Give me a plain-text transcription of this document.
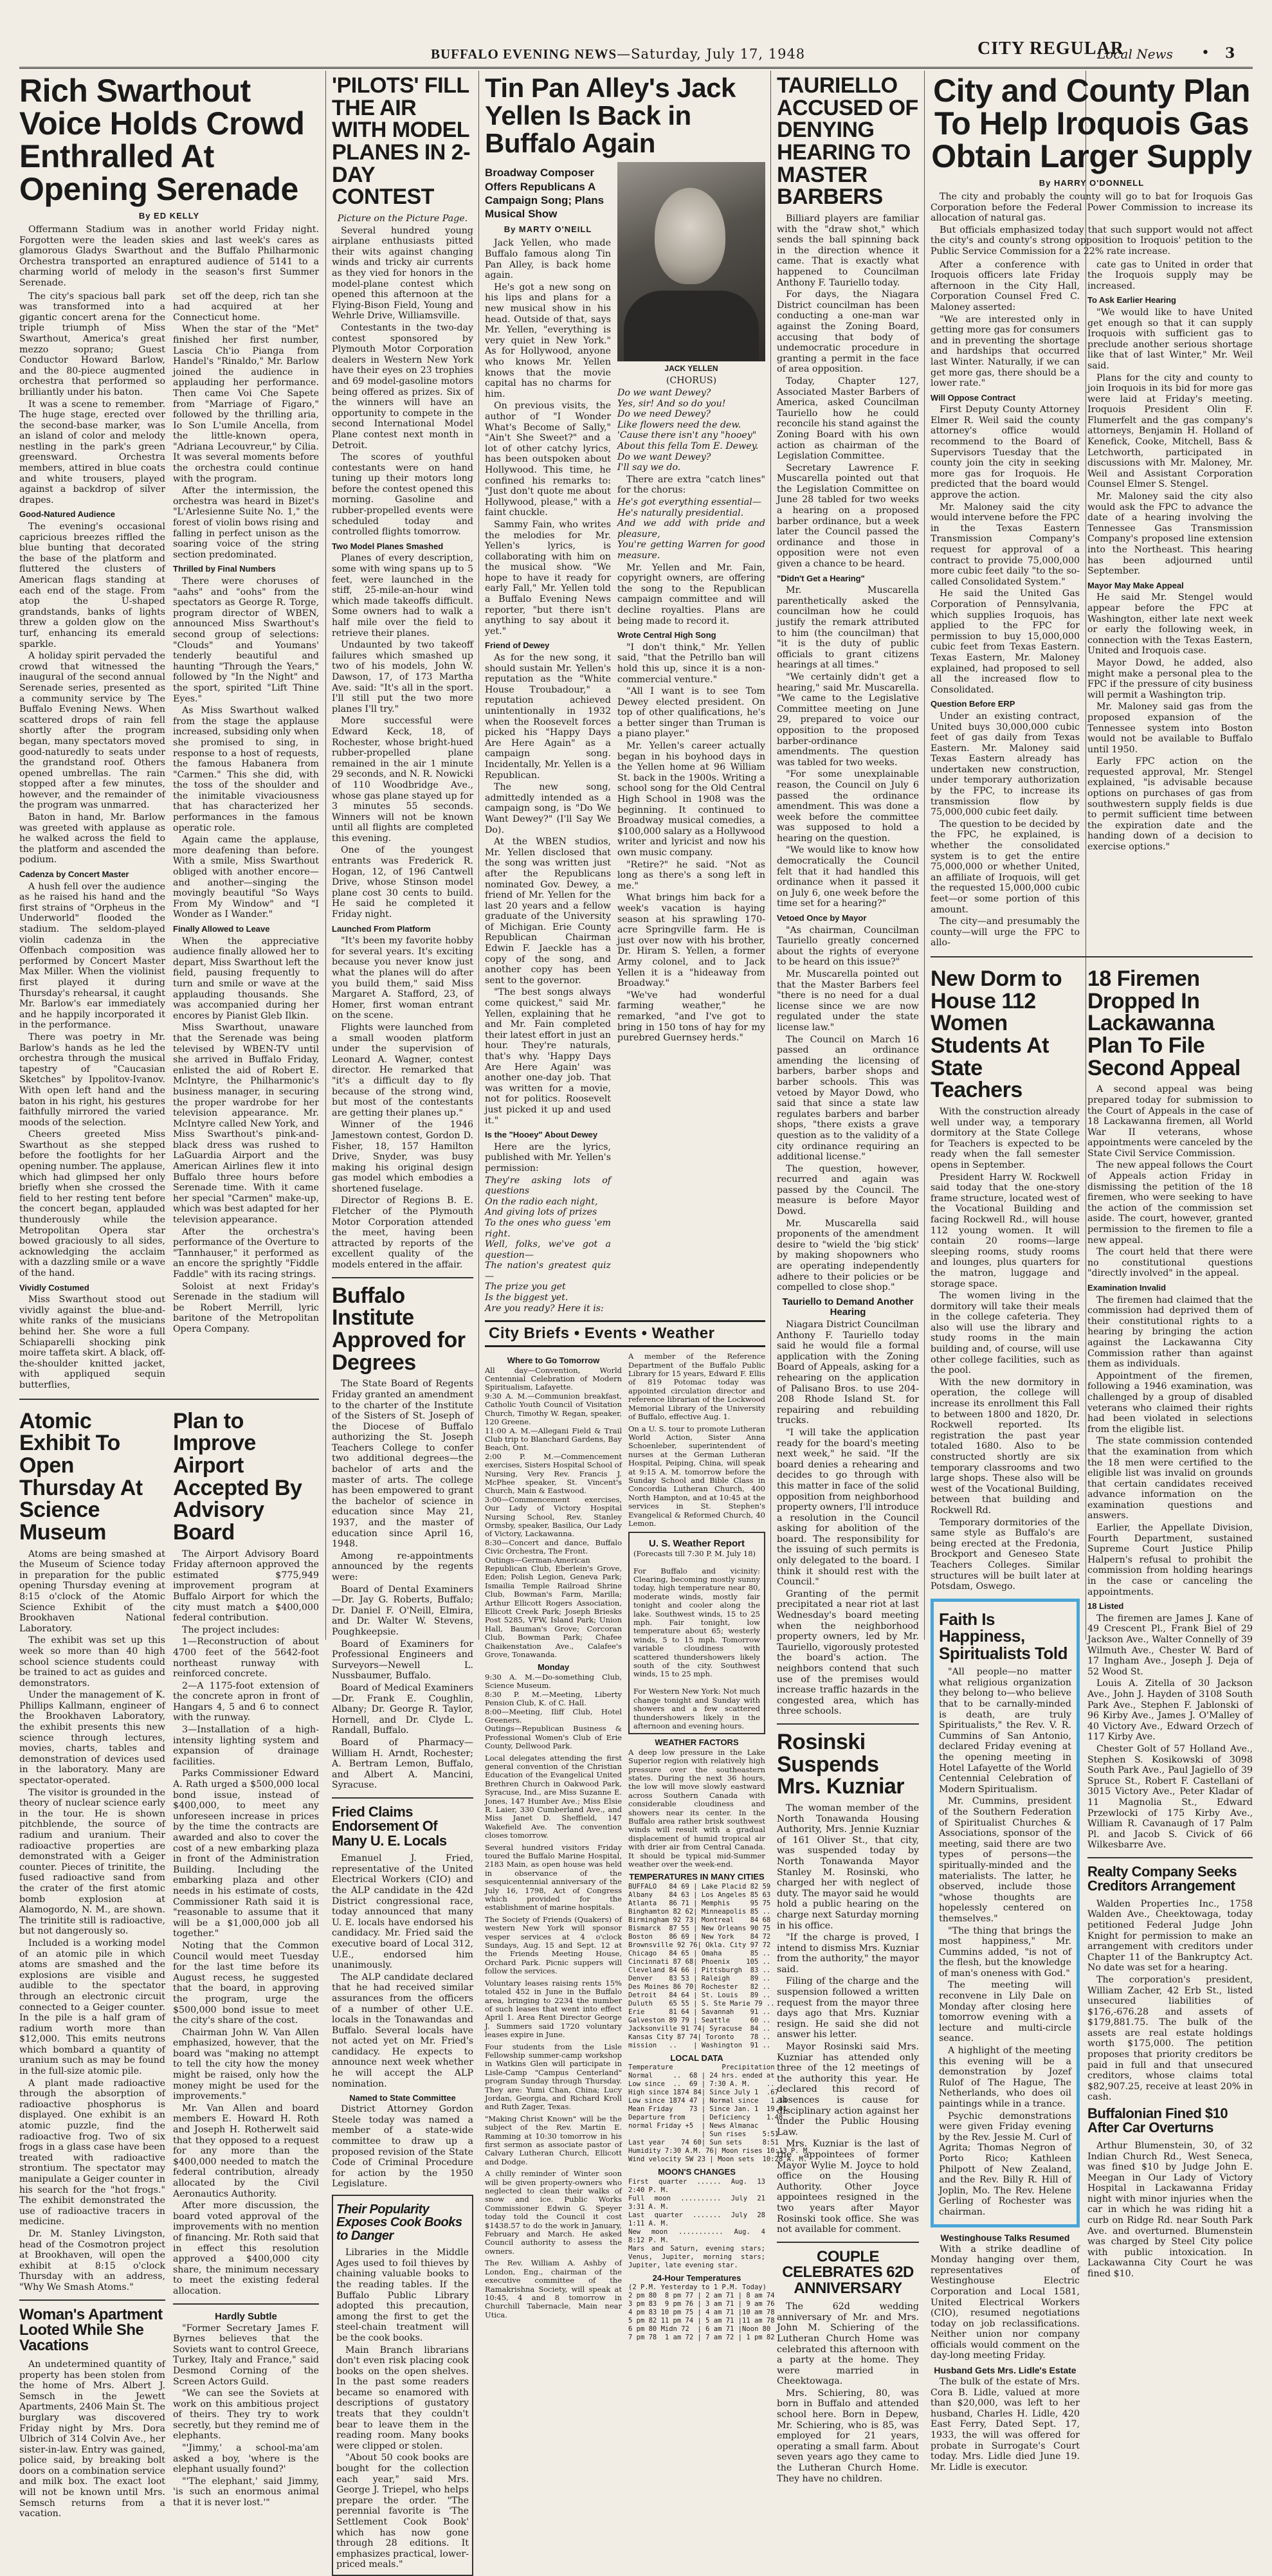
BUFFALO EVENING NEWS—Saturday, July 17, 1948	CITY REGULAR
Local News • 3
Rich Swarthout Voice Holds Crowd Enthralled At Opening Serenade
By ED KELLY

Offermann Stadium was in another world Friday night. Forgotten were the leaden skies and last week's cares as glamorous Gladys Swarthout and the Buffalo Philharmonic Orchestra transported an enraptured audience of 5141 to a charming world of melody in the season's first Summer Serenade.

The city's spacious ball park was transformed into a gigantic concert arena for the triple triumph of Miss Swarthout, America's great mezzo soprano; Guest Conductor Howard Barlow, and the 80-piece augmented orchestra that performed so brilliantly under his baton.

It was a scene to remember. The huge stage, erected over the second-base marker, was an island of color and melody nestling in the park's green greensward. Orchestra members, attired in blue coats and white trousers, played against a backdrop of silver drapes.

Good-Natured Audience

The evening's occasional capricious breezes riffled the blue bunting that decorated the base of the platform and fluttered the clusters of American flags standing at each end of the stage. From atop the U-shaped grandstands, banks of lights threw a golden glow on the turf, enhancing its emerald sparkle.

A holiday spirit pervaded the crowd that witnessed the inaugural of the second annual Serenade series, presented as a community service by The Buffalo Evening News. When scattered drops of rain fell shortly after the program began, many spectators moved good-naturedly to seats under the grandstand roof. Others opened umbrellas. The rain stopped after a few minutes, however, and the remainder of the program was unmarred.

Baton in hand, Mr. Barlow was greeted with applause as he walked across the field to the platform and ascended the podium.

Cadenza by Concert Master

A hush fell over the audience as he raised his hand and the first strains of "Orpheus in the Underworld" flooded the stadium. The seldom-played violin cadenza in the Offenbach composition was performed by Concert Master Max Miller. When the violinist first played it during Thursday's rehearsal, it caught Mr. Barlow's ear immediately and he happily incorporated it in the performance.

There was poetry in Mr. Barlow's hands as he led the orchestra through the musical tapestry of "Caucasian Sketches" by Ippolitov-Ivanov. With open left hand and the baton in his right, his gestures faithfully mirrored the varied moods of the selection.

Cheers greeted Miss Swarthout as she stepped before the footlights for her opening number. The applause, which had glimpsed her only briefly when she crossed the field to her resting tent before the concert began, applauded thunderously while the Metropolitan Opera star bowed graciously to all sides, acknowledging the acclaim with a dazzling smile or a wave of the hand.

Vividly Costumed

Miss Swarthout stood out vividly against the blue-and-white ranks of the musicians behind her. She wore a full Schiaparelli shocking pink moire taffeta skirt. A black, off-the-shoulder knitted jacket, with appliqued sequin butterflies,

set off the deep, rich tan she had acquired at her Connecticut home.

When the star of the "Met" finished her first number, Lascia Ch'io Pianga from Handel's "Rinaldo," Mr. Barlow joined the audience in applauding her performance. Then came Voi Che Sapete from "Marriage of Figaro," followed by the thrilling aria, Io Son L'umile Ancella, from the little-known opera, "Adriana Lecouvreur," by Cilia. It was several moments before the orchestra could continue with the program.

After the intermission, the orchestra was heard in Bizet's "L'Arlesienne Suite No. 1," the forest of violin bows rising and falling in perfect unison as the soaring voice of the string section predominated.

Thrilled by Final Numbers

There were choruses of "aahs" and "oohs" from the spectators as George R. Torge, program director of WBEN, announced Miss Swarthout's second group of selections: "Clouds" and Youmans' tenderly beautiful and haunting "Through the Years," followed by "In the Night" and the sport, spirited "Lift Thine Eyes."

As Miss Swarthout walked from the stage the applause increased, subsiding only when she promised to sing, in response to a host of requests, the famous Habanera from "Carmen." This she did, with the toss of the shoulder and the inimitable vivaciousness that has characterized her performances in the famous operatic role.

Again came the applause, more deafening than before. With a smile, Miss Swarthout obliged with another encore—and another—singing the movingly beautiful "So Ways From My Window" and "I Wonder as I Wander."

Finally Allowed to Leave

When the appreciative audience finally allowed her to depart, Miss Swarthout left the field, pausing frequently to turn and smile or wave at the applauding thousands. She was accompanied during her encores by Pianist Gleb Ilkin.

Miss Swarthout, unaware that the Serenade was being televised by WBEN-TV until she arrived in Buffalo Friday, enlisted the aid of Robert E. McIntyre, the Philharmonic's business manager, in securing the proper wardrobe for her television appearance. Mr. McIntyre called New York, and Miss Swarthout's pink-and-black dress was rushed to LaGuardia Airport and the American Airlines flew it into Buffalo three hours before Serenade time. With it came her special "Carmen" make-up, which was best adapted for her television appearance.

After the orchestra's performance of the Overture to "Tannhauser," it performed as an encore the sprightly "Fiddle Faddle" with its racing strings.

Soloist at next Friday's Serenade in the stadium will be Robert Merrill, lyric baritone of the Metropolitan Opera Company.

Atomic Exhibit To Open Thursday At Science Museum

Atoms are being smashed at the Museum of Science today in preparation for the public opening Thursday evening at 8:15 o'clock of the Atomic Science Exhibit of the Brookhaven National Laboratory.

The exhibit was set up this week so more than 40 high school science students could be trained to act as guides and demonstrators.

Under the management of K. Phillips Kallmann, engineer of the Brookhaven Laboratory, the exhibit presents this new science through lectures, movies, charts, tables and demonstration of devices used in the laboratory. Many are spectator-operated.

The visitor is grounded in the theory of nuclear science early in the tour. He is shown pitchblende, the source of radium and uranium. Their radioactive properties are demonstrated with a Geiger counter. Pieces of trinitite, the fused radioactive sand from the crater of the first atomic bomb explosion at Alamogordo, N. M., are shown. The trinitite still is radioactive, but not dangerously so.

Included is a working model of an atomic pile in which atoms are smashed and the explosions are visible and audible to the spectator through an electronic circuit connected to a Geiger counter. In the pile is a half gram of radium worth more than $12,000. This emits neutrons which bombard a quantity of uranium such as may be found in the full-size atomic pile.

A plant made radioactive through the absorption of radioactive phosphorus is displayed. One exhibit is an atomic puzzle, find the radioactive frog. Two of six frogs in a glass case have been treated with radioactive strontium. The spectator may manipulate a Geiger counter in his search for the "hot frogs." The exhibit demonstrated the use of radioactive tracers in medicine.

Dr. M. Stanley Livingston, head of the Cosmotron project at Brookhaven, will open the exhibit at 8:15 o'clock Thursday with an address, "Why We Smash Atoms."

Woman's Apartment Looted While She Vacations

An undetermined quantity of property has been stolen from the home of Mrs. Albert J. Semsch in the Jewett Apartments, 2406 Main St. The burglary was discovered Friday night by Mrs. Dora Ulbrich of 314 Colvin Ave., her sister-in-law. Entry was gained, police said, by breaking bolt doors on a combination service and milk box. The exact loot will not be known until Mrs. Semsch returns from a vacation.

Plan to Improve Airport Accepted By Advisory Board

The Airport Advisory Board Friday afternoon approved the estimated $775,949 improvement program at Buffalo Airport for which the city must match a $400,000 federal contribution.

The project includes:

1—Reconstruction of about 4700 feet of the 5642-foot northeast runway with reinforced concrete.

2—A 1175-foot extension of the concrete apron in front of Hangars 4, 5 and 6 to connect with the runway.

3—Installation of a high-intensity lighting system and expansion of drainage facilities.

Parks Commissioner Edward A. Rath urged a $500,000 local bond issue, instead of $400,000, to meet any unforeseen increase in prices by the time the contracts are awarded and also to cover the cost of a new embarking plaza in front of the Administration Building. Including the embarking plaza and other needs in his estimate of costs, Commissioner Rath said it is "reasonable to assume that it will be a $1,000,000 job all together."

Noting that the Common Council would meet Tuesday for the last time before its August recess, he suggested that the board, in approving the program, urge the $500,000 bond issue to meet the city's share of the cost.

Chairman John W. Van Allen emphasized, however, that the board was "making no attempt to tell the city how the money might be raised, only how the money might be used for the improvements."

Mr. Van Allen and board members E. Howard H. Roth and Joseph H. Rotherwelt said that they opposed to a request for any more than the $400,000 needed to match the federal contribution, already allocated by the Civil Aeronautics Authority.

After more discussion, the board voted approval of the improvements with no mention of financing. Mr. Roth said that in effect this resolution approved a $400,000 city share, the minimum necessary to meet the existing federal allocation.

Hardly Subtle

"Former Secretary James F. Byrnes believes that the Soviets want to control Greece, Turkey, Italy and France," said Desmond Corning of the Screen Actors Guild.

"We can see the Soviets at work on this ambitious project of theirs. They try to work secretly, but they remind me of elephants.

"'Jimmy,' a school-ma'am asked a boy, 'where is the elephant usually found?'

"'The elephant,' said Jimmy, 'is such an enormous animal that it is never lost.'"

'PILOTS' FILL THE AIR WITH MODEL PLANES IN 2-DAY CONTEST

Picture on the Picture Page.

Several hundred young airplane enthusiasts pitted their wits against changing winds and tricky air currents as they vied for honors in the model-plane contest which opened this afternoon at the Flying-Bison Field, Young and Wehrle Drive, Williamsville.

Contestants in the two-day contest sponsored by Plymouth Motor Corporation dealers in Western New York have their eyes on 23 trophies and 69 model-gasoline motors being offered as prizes. Six of the winners will have an opportunity to compete in the second International Model Plane contest next month in Detroit.

The scores of youthful contestants were on hand tuning up their motors long before the contest opened this morning. Gasoline and rubber-propelled events were scheduled today and controlled flights tomorrow.

Two Model Planes Smashed

Planes of every description, some with wing spans up to 5 feet, were launched in the stiff, 25-mile-an-hour wind which made takeoffs difficult. Some owners had to walk a half mile over the field to retrieve their planes.

Undaunted by two takeoff failures which smashed up two of his models, John W. Dawson, 17, of 173 Martha Ave. said: "It's all in the sport. I'll still put the two more planes I'll try."

More successful were Edward Keck, 18, of Rochester, whose bright-hued rubber-propelled plane remained in the air 1 minute 29 seconds, and N. R. Nowicki of 110 Woodbridge Ave., whose gas plane stayed up for 3 minutes 55 seconds. Winners will not be known until all flights are completed this evening.

One of the youngest entrants was Frederick R. Hogan, 12, of 196 Cantwell Drive, whose Stinson model plane cost 30 cents to build. He said he completed it Friday night.

Launched From Platform

"It's been my favorite hobby for several years. It's exciting because you never know just what the planes will do after you build them," said Miss Margaret A. Stafford, 23, of Homer, first woman entrant on the scene.

Flights were launched from a small wooden platform under the supervision of Leonard A. Wagner, contest director. He remarked that "it's a difficult day to fly because of the strong wind, but most of the contestants are getting their planes up."

Winner of the 1946 Jamestown contest, Gordon D. Fisher, 18, 157 Hamilton Drive, Snyder, was busy making his original design gas model which embodies a shortened fuselage.

Director of Regions B. E. Fletcher of the Plymouth Motor Corporation attended the meet, having been attracted by reports of the excellent quality of the models entered in the affair.

Buffalo Institute Approved for Degrees

The State Board of Regents Friday granted an amendment to the charter of the Institute of the Sisters of St. Joseph of the Diocese of Buffalo authorizing the St. Joseph Teachers College to confer two additional degrees—the bachelor of arts and the master of arts. The college has been empowered to grant the bachelor of science in education since May 21, 1937, and the master of education since April 16, 1948.

Among re-appointments announced by the regents were:

Board of Dental Examiners—Dr. Jay G. Roberts, Buffalo; Dr. Daniel F. O'Neill, Elmira, and Dr. Walter W. Stevens, Poughkeepsie.

Board of Examiners for Professional Engineers and Surveyors—Newell L. Nussbaumer, Buffalo.

Board of Medical Examiners—Dr. Frank E. Coughlin, Albany; Dr. George R. Taylor, Hornell, and Dr. Clyde L. Randall, Buffalo.

Board of Pharmacy—William H. Arndt, Rochester; A. Bertram Lemon, Buffalo, and Albert A. Mancini, Syracuse.

Fried Claims Endorsement Of Many U. E. Locals

Emanuel J. Fried, representative of the United Electrical Workers (CIO) and the ALP candidate in the 42d District congressional race, today announced that many U. E. locals have endorsed his candidacy. Mr. Fried said the executive board of Local 312, U.E., endorsed him unanimously.

The ALP candidate declared that he had received similar assurances from the officers of a number of other U.E. locals in the Tonawandas and Buffalo. Several locals have not acted yet on Mr. Fried's candidacy. He expects to announce next week whether he will accept the ALP nomination.

Named to State Committee

District Attorney Gordon Steele today was named a member of a state-wide committee to draw up a proposed revision of the State Code of Criminal Procedure for action by the 1950 Legislature.

Their Popularity Exposes Cook Books to Danger

Libraries in the Middle Ages used to foil thieves by chaining valuable books to the reading tables. If the Buffalo Public Library adopted this precaution, among the first to get the steel-chain treatment will be the cook books.

Main Branch librarians don't even risk placing cook books on the open shelves. In the past some readers became so enamored with descriptions of gustatory treats that they couldn't bear to leave them in the reading room. Many books were clipped or stolen.

"About 50 cook books are bought for the collection each year," said Mrs. George J. Triepel, who helps prepare the order. "The perennial favorite is 'The Settlement Cook Book' which has now gone through 28 editions. It emphasizes practical, lower-priced meals."

Tin Pan Alley's Jack Yellen Is Back in Buffalo Again
Broadway Composer Offers Republicans A Campaign Song; Plans Musical Show
By MARTY O'NEILL

Jack Yellen, who made Buffalo famous along Tin Pan Alley, is back home again.

He's got a new song on his lips and plans for a new musical show in his head. Outside of that, says Mr. Yellen, "everything is very quiet in New York." As for Hollywood, anyone who knows Mr. Yellen knows that the movie capital has no charms for him.

On previous visits, the author of "I Wonder What's Become of Sally," "Ain't She Sweet?" and a lot of other catchy lyrics, has been outspoken about Hollywood. This time, he confined his remarks to: "Just don't quote me about Hollywood, please," with a faint chuckle.

Sammy Fain, who writes the melodies for Mr. Yellen's lyrics, is collaborating with him on the musical show. "We hope to have it ready for early Fall," Mr. Yellen told a Buffalo Evening News reporter, "but there isn't anything to say about it yet."

Friend of Dewey

As for the new song, it should sustain Mr. Yellen's reputation as the "White House Troubadour," a reputation achieved unintentionally in 1932 when the Roosevelt forces picked his "Happy Days Are Here Again" as a campaign song. Incidentally, Mr. Yellen is a Republican.

The new song, admittedly intended as a campaign song, is "Do We Want Dewey?" (I'll Say We Do).

At the WBEN studios, Mr. Yellen disclosed that the song was written just after the Republicans nominated Gov. Dewey, a friend of Mr. Yellen for the last 20 years and a fellow graduate of the University of Michigan. Erie County Republican Chairman Edwin F. Jaeckle has a copy of the song, and another copy has been sent to the governor.

"The best songs always come quickest," said Mr. Yellen, explaining that he and Mr. Fain completed their latest effort in just an hour. They're naturals, that's why. 'Happy Days Are Here Again' was another one-day job. That was written for a movie, not for politics. Roosevelt just picked it up and used it."

Is the "Hooey" About Dewey

Here are the lyrics, published with Mr. Yellen's permission:

They're asking lots of questions
On the radio each night,
And giving lots of prizes
To the ones who guess 'em right.
Well, folks, we've got a question—
The nation's greatest quiz—
The prize you get
Is the biggest yet.
Are you ready? Here it is:

JACK YELLEN

(CHORUS)

Do we want Dewey?
Yes, sir! And so do you!
Do we need Dewey?
Like flowers need the dew.
'Cause there isn't any "hooey"
About this fella Tom E. Dewey.
Do we want Dewey?
I'll say we do.

There are extra "catch lines" for the chorus:

He's got everything essential—
He's naturally presidential.
And we add with pride and pleasure,
You're getting Warren for good measure.

Mr. Yellen and Mr. Fain, copyright owners, are offering the song to the Republican campaign committee and will decline royalties. Plans are being made to record it.

Wrote Central High Song

"I don't think," Mr. Yellen said, "that the Petrillo ban will hold this up, since it is a non-commercial venture."

"All I want is to see Tom Dewey elected president. On top of other qualifications, he's a better singer than Truman is a piano player."

Mr. Yellen's career actually began in his boyhood days in the Yellen home at 96 William St. back in the 1900s. Writing a school song for the Old Central High School in 1908 was the beginning. It continued to Broadway musical comedies, a $100,000 salary as a Hollywood writer and lyricist and now his own music company.

"Retire?" he said. "Not as long as there's a song left in me."

What brings him back for a week's vacation is haying season at his sprawling 170-acre Springville farm. He is just over now with his brother, Dr. Hiram S. Yellen, a former Army colonel, and to Jack Yellen it is a "hideaway from Broadway."

"We've had wonderful farming weather," he remarked, "and I've got to bring in 150 tons of hay for my purebred Guernsey herds."

City Briefs • Events • Weather
Where to Go Tomorrow
All day—Convention, World Centennial Celebration of Modern Spiritualism, Lafayette.
9:30 A. M.—Communion breakfast, Catholic Youth Council of Visitation Church, Timothy W. Regan, speaker, 120 Greene.
11:00 A. M.—Allegani Field & Trail Club trip to Blanchard Gardens, Bay Beach, Ont.
2:00 P. M.—Commencement exercises, Sisters Hospital School of Nursing, Very Rev. Francis J. McPhee speaker, St. Vincent's Church, Main & Eastwood.
3:00—Commencement exercises, Our Lady of Victory Hospital Nursing School, Rev. Stanley Ormsby, speaker, Basilica, Our Lady of Victory, Lackawanna.
8:30—Concert and dance, Buffalo Civic Orchestra, The Front.
Outings—German-American Republican Club, Eberlein's Grove, Eden; Polish Legion, Geneva Park; Ismailia Temple Railroad Shrine Club, Bowman's Farm, Marilla; Arthur Ellicott Rogers Association, Ellicott Creek Park; Joseph Briesks Post 5285, VFW, Island Park; Union Hall, Bauman's Grove; Corcoran Club, Bowman Park; Chafee Chaikenstation Ave., Calafee's Grove, Tonawanda.
Monday
9:30 A. M.—Do-something Club, Science Museum.
8:30 P. M.—Meeting, Liberty Pension Club, K. of C. Hall.
8:00—Meeting, Iliff Club, Hotel Greeners.
Outings—Republican Business & Professional Women's Club of Erie County, Dellwood Park.

Local delegates attending the first general convention of the Christian Education of the Evangelical United Brethren Church in Oakwood Park, Syracuse, Ind., are Miss Suzanne E. Jones, 147 Humber Ave.; Miss Elsie R. Laier, 330 Cumberland Ave., and Miss Janet D. Sheffield, 147 Wakefield Ave. The convention closes tomorrow.

Several hundred visitors Friday toured the Buffalo Marine Hospital, 2183 Main, as open house was held in observance of the sesquicentennial anniversary of the July 16, 1798, Act of Congress which provided for the establishment of marine hospitals.

The Society of Friends (Quakers) of western New York will sponsor vesper services at 4 o'clock Sundays, Aug. 15 and Sept. 12 at the Friends Meeting House, Orchard Park. Picnic suppers will follow the services.

Voluntary leases raising rents 15% totaled 452 in June in the Buffalo area, bringing to 2234 the number of such leases that went into effect April 1. Area Rent Director George J. Summers said 1720 voluntary leases expire in June.

Four students from the Lisle Fellowship summer-camp workshop in Watkins Glen will participate in Lisle-Camp "Campus Centerland" program Sunday through Thursday. They are: Yumi Chan, China; Lucy Jordan, Georgia, and Richard Kroll and Ruth Zager, Texas.

"Making Christ Known" will be the subject of the Rev. Martin E. Ramming at 10:30 tomorrow in his first sermon as associate pastor of Calvary Lutheran Church, Ellicott and Dodge.

A chilly reminder of Winter soon will be given property-owners who neglected to clean their walks of snow and ice. Public Works Commissioner Edwin G. Speyer today told the Council it cost $1438.57 to do the work in January, February and March. He asked Council authority to assess the owners.

The Rev. William A. Ashby of London, Eng., chairman of the executive committee of the Ramakrishna Society, will speak at 10:45, 4 and 8 tomorrow in Churchill Tabernacle, Main near Utica.

A member of the Reference Department of the Buffalo Public Library for 15 years, Edward F. Ellis of 819 Potomac today was appointed circulation director and reference librarian of the Lockwood Memorial Library of the University of Buffalo, effective Aug. 1.

On a U. S. tour to promote Lutheran World Action, Sister Anna Schoenleber, superintendent of nurses at the German Lutheran Hospital, Peiping, China, will speak at 9:15 A. M. tomorrow before the Sunday School and Bible Class in Concordia Lutheran Church, 400 North Hampton, and at 10:45 at the services in St. Stephen's Evangelical & Reformed Church, 40 Lemon.

U. S. Weather Report
(Forecasts till 7:30 P. M. July 18)

For Buffalo and vicinity: Clearing, becoming mostly sunny today, high temperature near 80, moderate winds, mostly fair tonight and cooler along the lake. Southwest winds, 15 to 25 mph. Fair tonight, low temperature about 65; westerly winds, 5 to 15 mph. Tomorrow variable cloudiness with scattered thundershowers likely south of the city. Southwest winds, 15 to 25 mph.

For Western New York: Not much change tonight and Sunday with showers and a few scattered thundershowers likely in the afternoon and evening hours.
WEATHER FACTORS
A deep low pressure in the Lake Superior region with relatively high pressure over the southeastern states. During the next 36 hours, the low will move slowly eastward across Southern Canada with considerable cloudiness and showers near its center. In the Buffalo area rather brisk southwest winds will result with a gradual displacement of humid tropical air with drier air from Central Canada. It should be typical mid-Summer weather over the week-end.
TEMPERATURES IN MANY CITIES
BUFFALO   84 69 | Lake Placid 82 59
Albany    84 63 | Los Angeles 85 63
Atlanta   86 71 | Memphis     95 75
Binghamton 82 62| Minneapolis 85 ..
Birmingham 92 73| Montreal    84 68
Bismarck  87 55 | New Orleans 90 75
Boston    86 69 | New York    84 72
Brownsville 92 76| Okla. City 97 72
Chicago   84 65 | Omaha       85 ..
Cincinnati 87 68| Phoenix    105 ..
Cleveland 84 66 | Pittsburgh  83 ..
Denver    83 53 | Raleigh     89 ..
Des Moines 86 70| Rochester   82 ..
Detroit   84 64 | St. Louis   89 ..
Duluth    65 55 | S. Ste Marie 79 ..
Erie      81 64 | Savannah    91 ..
Galveston 89 79 | Seattle     60 ..
Jacksonville 91 74| Syracuse  84 ..
Kansas City 87 74| Toronto    78 ..
mission   ..    | Washington  91 ..
LOCAL DATA
Temperature            Precipitation
Normal     ..  68 | 24 hrs. ended at
Low since  ..  69 | 7:30 A. M.    ..
High since 1874 84| Since July 1  .67
Low since 1874 47 | Normal since   1.34
Mean Friday    73 | Since Jan. 1  19.01
Departure from    | Deficiency    1.48
normal Friday +5  | News Almanac
| Sun rises    5:51
Last year    74 60| Sun sets     8:51
Humidity 7:30 A.M. 76| Moon rises 10:13 P. M.
Wind velocity SW 23 | Moon sets  10:28 A. M.
MOON'S CHANGES
First quarter ...... Aug. 13  2:40 P. M.
Full moon .......... July 21  3:31 A. M.
Last quarter ....... July 28  1:11 A. M.
New moon ........... Aug. 4   8:12 P. M.
Mars and Saturn, evening stars; Venus, Jupiter, morning stars; Jupiter, late evening star.
24-Hour Temperatures
(2 P.M. Yesterday to 1 P.M. Today)
2 pm 80  8 pm 77 | 2 am 71 | 8 am 74
3 pm 83  9 pm 76 | 3 am 71 | 9 am 76
4 pm 83 10 pm 75 | 4 am 71 |10 am 78
5 pm 82 11 pm 74 | 5 am 71 |11 am 78
6 pm 80 Midn 72  | 6 am 71 |Noon 80
7 pm 78  1 am 72 | 7 am 72 | 1 pm 82
TAURIELLO ACCUSED OF DENYING HEARING TO MASTER BARBERS

Billiard players are familiar with the "draw shot," which sends the ball spinning back in the direction whence it came. That is exactly what happened to Councilman Anthony F. Tauriello today.

For days, the Niagara District councilman has been conducting a one-man war against the Zoning Board, accusing that body of undemocratic procedure in granting a permit in the face of area opposition.

Today, Chapter 127, Associated Master Barbers of America, asked Councilman Tauriello how he could reconcile his stand against the Zoning Board with his own action as chairman of the Legislation Committee.

Secretary Lawrence F. Muscarella pointed out that the Legislation Committee on June 28 tabled for two weeks a hearing on a proposed barber ordinance, but a week later the Council passed the ordinance and those in opposition were not even given a chance to be heard.

"Didn't Get a Hearing"

Mr. Muscarella parenthetically asked the councilman how he could justify the remark attributed to him (the councilman) that "it is the duty of public officials to grant citizens hearings at all times."

"We certainly didn't get a hearing," said Mr. Muscarella. "We came to the Legislative Committee meeting on June 29, prepared to voice our opposition to the proposed barber-ordinance amendments. The question was tabled for two weeks.

"For some unexplainable reason, the Council on July 6 passed the ordinance amendment. This was done a week before the committee was supposed to hold a hearing on the question.

"We would like to know how democratically the Council felt that it had handled this ordinance when it passed it on July 6, one week before the time set for a hearing?"

Vetoed Once by Mayor

"As chairman, Councilman Tauriello greatly concerned about the rights of everyone to be heard on this issue?"

Mr. Muscarella pointed out that the Master Barbers feel "there is no need for a dual license since we are now regulated under the state license law."

The Council on March 16 passed an ordinance amending the licensing of barbers, barber shops and barber schools. This was vetoed by Mayor Dowd, who said that since a state law regulates barbers and barber shops, "there exists a grave question as to the validity of a city ordinance requiring an additional license."

The question, however, recurred and again was passed by the Council. The measure is before Mayor Dowd.

Mr. Muscarella said proponents of the amendment desire to "wield the 'big stick' by making shopowners who are operating independently adhere to their policies or be compelled to close shop."

Tauriello to Demand Another Hearing

Niagara District Councilman Anthony F. Tauriello today said he would file a formal application with the Zoning Board of Appeals, asking for a rehearing on the application of Palisano Bros. to use 204-208 Rhode Island St. for repairing and rebuilding trucks.

"I will take the application ready for the board's meeting next week," he said. "If the board denies a rehearing and decides to go through with this matter in face of the solid opposition from neighborhood property owners, I'll introduce a resolution in the Council asking for abolition of the board. The responsibility for the issuing of such permits is only delegated to the board. I think it should rest with the Council."

Granting of the permit precipitated a near riot at last Wednesday's board meeting when the neighborhood property owners, led by Mr. Tauriello, vigorously protested the board's action. The neighbors contend that such use of the premises would increase traffic hazards in the congested area, which has three schools.

Rosinski Suspends Mrs. Kuzniar

The woman member of the North Tonawanda Housing Authority, Mrs. Jennie Kuzniar of 161 Oliver St., that city, was suspended today by North Tonawanda Mayor Stanley M. Rosinski, who charged her with neglect of duty. The mayor said he would hold a public hearing on the charge next Saturday morning in his office.

"If the charge is proved, I intend to dismiss Mrs. Kuzniar from the authority," the mayor said.

Filing of the charge and the suspension followed a written request from the mayor three days ago that Mrs. Kuzniar resign. He said she did not answer his letter.

Mayor Rosinski said Mrs. Kuzniar has attended only three of the 12 meetings of the authority this year. He declared this record of absences is cause for disciplinary action against her under the Public Housing Law.

Mrs. Kuzniar is the last of the appointees of former Mayor Wylie M. Joyce to hold office on the Housing Authority. Other Joyce appointees resigned in the two years after Mayor Rosinski took office. She was not available for comment.

COUPLE CELEBRATES 62D ANNIVERSARY

The 62d wedding anniversary of Mr. and Mrs. John M. Schiering of the Lutheran Church Home was celebrated this afternoon with a party at the home. They were married in Cheektowaga.

Mrs. Schiering, 80, was born in Buffalo and attended school here. Born in Depew, Mr. Schiering, who is 85, was employed for 21 years, operating a small farm. About seven years ago they came to the Lutheran Church Home. They have no children.

City and County Plan To Help Iroquois Gas Obtain Larger Supply
By HARRY O'DONNELL

The city and probably the county will go to bat for Iroquois Gas Corporation before the Federal Power Commission to increase its allocation of natural gas.

But officials emphasized today that such support would not affect the city's and county's strong opposition to Iroquois' petition to the Public Service Commission for a 22% rate increase.

After a conference with Iroquois officers late Friday afternoon in the City Hall, Corporation Counsel Fred C. Maloney asserted:

"We are interested only in getting more gas for consumers and in preventing the shortage and hardships that occurred last Winter. Naturally, if we can get more gas, there should be a lower rate."

Will Oppose Contract

First Deputy County Attorney Elmer R. Weil said the county attorney's office would recommend to the Board of Supervisors Tuesday that the county join the city in seeking more gas for Iroquois. He predicted that the board would approve the action.

Mr. Maloney said the city would intervene before the FPC in the Texas Eastern Transmission Company's request for approval of a contract to provide 75,000,000 more cubic feet daily "to the so-called Consolidated System."

He said the United Gas Corporation of Pennsylvania, which supplies Iroquois, has applied to the FPC for permission to buy 15,000,000 cubic feet from Texas Eastern. Texas Eastern, Mr. Maloney explained, had proposed to sell all the increased flow to Consolidated.

Question Before ERP

Under an existing contract, United buys 30,000,000 cubic feet of gas daily from Texas Eastern. Mr. Maloney said Texas Eastern already has undertaken new construction, under temporary authorization by the FPC, to increase its transmission flow by 75,000,000 cubic feet daily.

The question to be decided by the FPC, he explained, is whether the consolidated system is to get the entire 75,000,000 or whether United, an affiliate of Iroquois, will get the requested 15,000,000 cubic feet—or some portion of this amount.

The city—and presumably the county—will urge the FPC to allo-

cate gas to United in order that the Iroquois supply may be increased.

To Ask Earlier Hearing

"We would like to have United get enough so that it can supply Iroquois with sufficient gas to preclude another serious shortage like that of last Winter," Mr. Weil said.

Plans for the city and county to join Iroquois in its bid for more gas were laid at Friday's meeting. Iroquois President Olin F. Flumerfelt and the gas company's attorneys, Benjamin H. Holland of Kenefick, Cooke, Mitchell, Bass & Letchworth, participated in discussions with Mr. Maloney, Mr. Weil and Assistant Corporation Counsel Elmer S. Stengel.

Mr. Maloney said the city also would ask the FPC to advance the date of a hearing involving the Tennessee Gas Transmission Company's proposed line extension into the Northeast. This hearing has been adjourned until September.

Mayor May Make Appeal

He said Mr. Stengel would appear before the FPC at Washington, either late next week or early the following week, in connection with the Texas Eastern, United and Iroquois case.

Mayor Dowd, he added, also might make a personal plea to the FPC if the pressure of city business will permit a Washington trip.

Mr. Maloney said gas from the proposed expansion of the Tennessee system into Boston would not be available to Buffalo until 1950.

Early FPC action on the requested approval, Mr. Stengel explained, "is advisable because options on purchases of gas from southwestern supply fields is due to permit sufficient time between the expiration date and the handing down of a decision to exercise options."

New Dorm to House 112 Women Students At State Teachers

With the construction already well under way, a temporary dormitory at the State College for Teachers is expected to be ready when the fall semester opens in September.

President Harry W. Rockwell said today that the one-story frame structure, located west of the Vocational Building and facing Rockwell Rd., will house 112 young women. It will contain 20 rooms—large sleeping rooms, study rooms and lounges, plus quarters for the matron, luggage and storage space.

The women living in the dormitory will take their meals in the college cafeteria. They also will use the library and study rooms in the main building and, of course, will use other college facilities, such as the pool.

With the new dormitory in operation, the college will increase its enrollment this Fall to between 1800 and 1820, Dr. Rockwell reported. Its registration the past year totaled 1680. Also to be constructed shortly are six temporary classrooms and two large shops. These also will be west of the Vocational Building, between that building and Rockwell Rd.

Temporary dormitories of the same style as Buffalo's are being erected at the Fredonia, Brockport and Geneseo State Teachers Colleges. Similar structures will be built later at Potsdam, Oswego.

Faith Is Happiness, Spiritualists Told

"All people—no matter what religious organization they belong to—who believe that to be carnally-minded is death, are truly Spiritualists," the Rev. V. R. Cummins of San Antonio, declared Friday evening at the opening meeting in Hotel Lafayette of the World Centennial Celebration of Modern Spiritualism.

Mr. Cummins, president of the Southern Federation of Spiritualist Churches & Associations, sponsor of the meeting, said there are two types of persons—the spiritually-minded and the materialists. The latter, he observed, include those "whose thoughts are hopelessly centered on themselves."

"The thing that brings the most happiness," Mr. Cummins added, "is not of the flesh, but the knowledge of man's oneness with God."

The meeting will reconvene in Lily Dale on Monday after closing here tomorrow evening with a lecture and multi-circle seance.

A highlight of the meeting this evening will be a demonstration by Jozef Rulof of The Hague, The Netherlands, who does oil paintings while in a trance.

Psychic demonstrations were given Friday evening by the Rev. Jessie M. Curl of Agrita; Thomas Negron of Porto Rico; Kathleen Philpott of New Zealand, and the Rev. Billy R. Hill of Joplin, Mo. The Rev. Helene Gerling of Rochester was chairman.

Westinghouse Talks Resumed

With a strike deadline of Monday hanging over them, representatives of Westinghouse Electric Corporation and Local 1581, United Electrical Workers (CIO), resumed negotiations today on job reclassifications. Neither union nor company officials would comment on the day-long meeting Friday.

Husband Gets Mrs. Lidle's Estate

The bulk of the estate of Mrs. Cora B. Lidle, valued at more than $20,000, was left to her husband, Charles H. Lidle, 420 East Ferry, Dated Sept. 17, 1933, the will was offered for probate in Surrogate's Court today. Mrs. Lidle died June 19. Mr. Lidle is executor.

18 Firemen Dropped In Lackawanna Plan To File Second Appeal

A second appeal was being prepared today for submission to the Court of Appeals in the case of 18 Lackawanna firemen, all World War II veterans, whose appointments were canceled by the State Civil Service Commission.

The new appeal follows the Court of Appeals action Friday in dismissing the petition of the 18 firemen, who were seeking to have the action of the commission set aside. The court, however, granted permission to the firemen to file a new appeal.

The court held that there were no constitutional questions "directly involved" in the appeal.

Examination Invalid

The firemen had claimed that the commission had deprived them of their constitutional rights to a hearing by bringing the action against the Lackawanna City Commission rather than against them as individuals.

Appointment of the firemen, following a 1946 examination, was challenged by a group of disabled veterans who claimed their rights had been violated in selections from the eligible list.

The state commission contended that the examination from which the 18 men were certified to the eligible list was invalid on grounds that certain candidates received advance information on the examination questions and answers.

Earlier, the Appellate Division, Fourth Department, sustained Supreme Court Justice Philip Halpern's refusal to prohibit the commission from holding hearings in the case or canceling the appointments.

18 Listed

The firemen are James J. Kane of 49 Crescent Pl., Frank Biel of 29 Jackson Ave., Walter Connelly of 39 Wilmuth Ave., Chester W. Bard of 17 Ingham Ave., Joseph J. Deja of 52 Wood St.

Louis A. Zitella of 30 Jackson Ave., John J. Hayden of 3108 South Park Ave., Stephen F. Jablonski of 96 Kirby Ave., James J. O'Malley of 40 Victory Ave., Edward Orzech of 117 Kirby Ave.

Chester Golt of 57 Holland Ave., Stephen S. Kosikowski of 3098 South Park Ave., Paul Jagiello of 39 Spruce St., Robert F. Castellani of 3015 Victory Ave., Peter Kladar of 11 Magnolia St., Edward Przewlocki of 175 Kirby Ave., William R. Cavanaugh of 17 Palm Pl. and Jacob S. Civick of 66 Wilkesbarre Ave.

Realty Company Seeks Creditors Arrangement

Walden Properties Inc., 1758 Walden Ave., Cheektowaga, today petitioned Federal Judge John Knight for permission to make an arrangement with creditors under Chapter 11 of the Bankruptcy Act. No date was set for a hearing.

The corporation's president, William Zacher, 42 Erb St., listed unsecured liabilities of $176,-676.28 and assets of $179,881.75. The bulk of the assets are real estate holdings worth $175,000. The petition proposes that priority creditors be paid in full and that unsecured creditors, whose claims total $82,907.25, receive at least 20% in cash.

Buffalonian Fined $10 After Car Overturns

Arthur Blumenstein, 30, of 32 Indian Church Rd., West Seneca, was fined $10 by Judge John E. Meegan in Our Lady of Victory Hospital in Lackawanna Friday night with minor injuries when the car in which he was riding hit a curb on Ridge Rd. near South Park Ave. and overturned. Blumenstein was charged by Steel City police with public intoxication. In Lackawanna City Court he was fined $10.
